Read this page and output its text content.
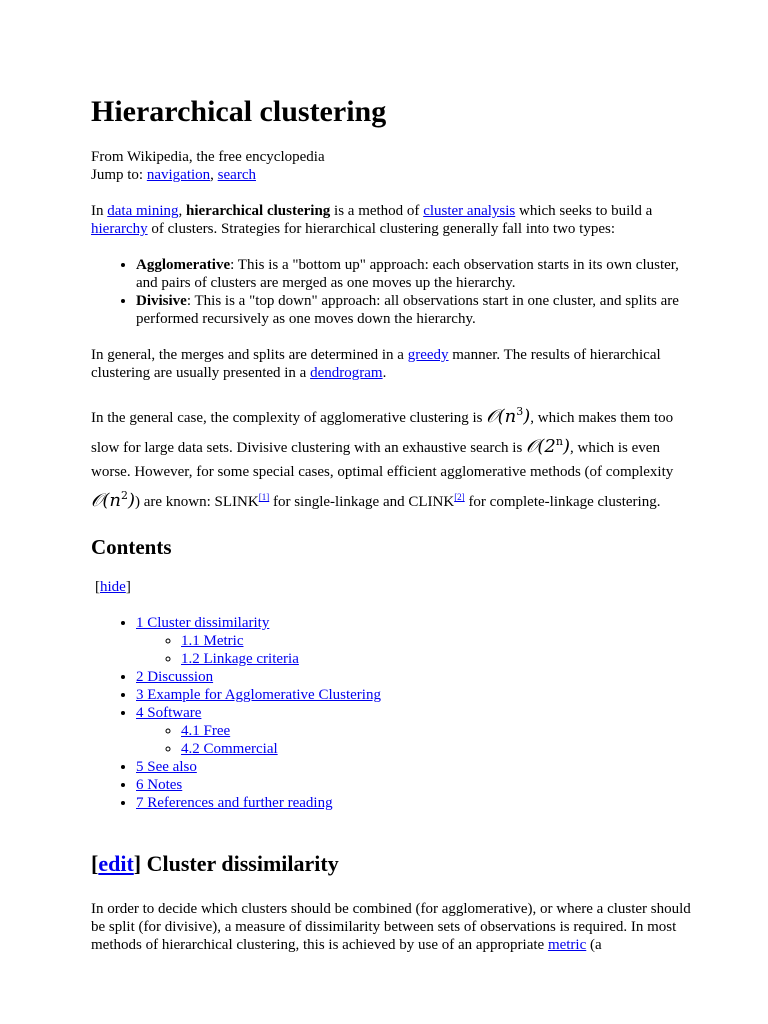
Hierarchical clustering
From Wikipedia, the free encyclopedia
Jump to: navigation, search

In data mining, hierarchical clustering is a method of cluster analysis which seeks to build a hierarchy of clusters. Strategies for hierarchical clustering generally fall into two types:

• Agglomerative: This is a "bottom up" approach: each observation starts in its own cluster, and pairs of clusters are merged as one moves up the hierarchy.
• Divisive: This is a "top down" approach: all observations start in one cluster, and splits are performed recursively as one moves down the hierarchy.

In general, the merges and splits are determined in a greedy manner. The results of hierarchical clustering are usually presented in a dendrogram.

In the general case, the complexity of agglomerative clustering is $𝒪(n^3)$, which makes them too slow for large data sets. Divisive clustering with an exhaustive search is 𝒪(2$^n$), which is even worse. However, for some special cases, optimal efficient agglomerative methods (of complexity $𝒪(n^2)$) are known: SLINK[1] for single-linkage and CLINK[2] for complete-linkage clustering.

Contents
[hide]
• 1 Cluster dissimilarity
◦ 1.1 Metric
◦ 1.2 Linkage criteria
• 2 Discussion
• 3 Example for Agglomerative Clustering
• 4 Software
◦ 4.1 Free
◦ 4.2 Commercial
• 5 See also
• 6 Notes
• 7 References and further reading
[edit] Cluster dissimilarity

In order to decide which clusters should be combined (for agglomerative), or where a cluster should be split (for divisive), a measure of dissimilarity between sets of observations is required. In most methods of hierarchical clustering, this is achieved by use of an appropriate metric (a
